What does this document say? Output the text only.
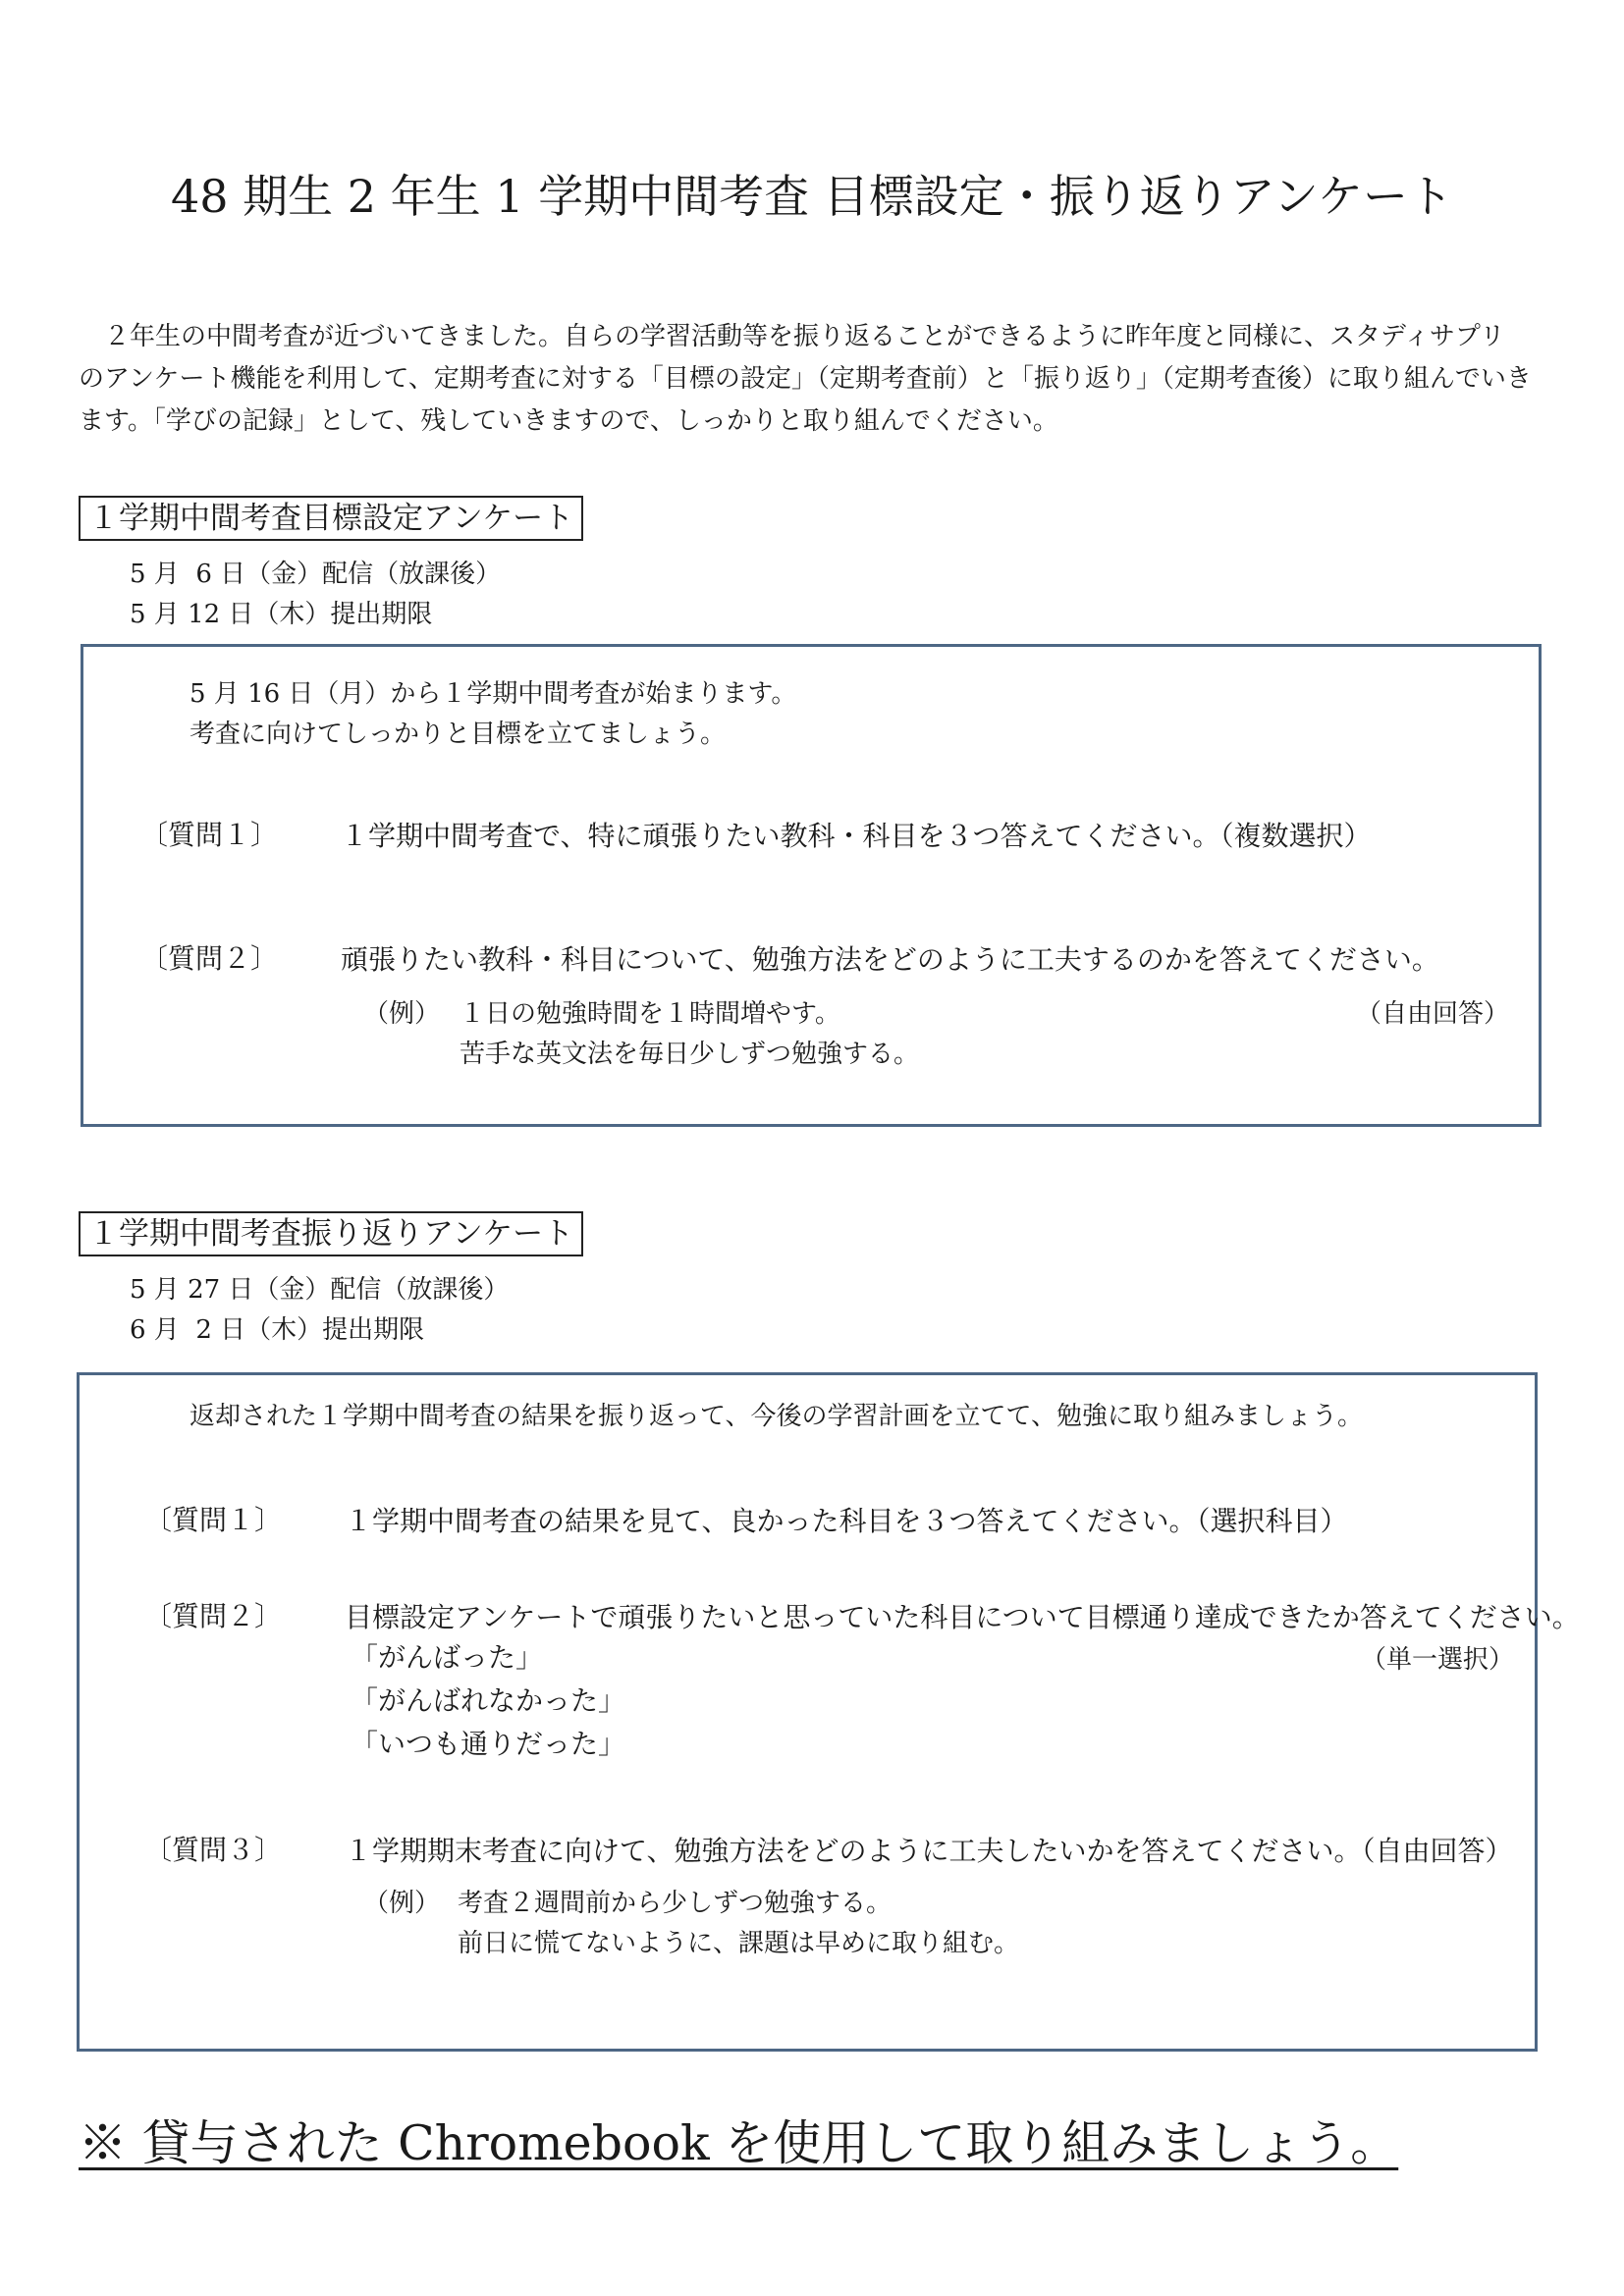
48 期生 2 年生 1 学期中間考査 目標設定・振り返りアンケート

２年生の中間考査が近づいてきました。自らの学習活動等を振り返ることができるように昨年度と同様に、スタディサプリ

のアンケート機能を利用して、定期考査に対する「目標の設定」（定期考査前）と「振り返り」（定期考査後）に取り組んでいき

ます。「学びの記録」として、残していきますので、しっかりと取り組んでください。

１学期中間考査目標設定アンケート
5 月  6 日（金）配信（放課後）
5 月 12 日（木）提出期限
5 月 16 日（月）から１学期中間考査が始まります。
考査に向けてしっかりと目標を立てましょう。
〔質問１〕 １学期中間考査で、特に頑張りたい教科・科目を３つ答えてください。（複数選択）
〔質問２〕 頑張りたい教科・科目について、勉強方法をどのように工夫するのかを答えてください。
（例） １日の勉強時間を１時間増やす。
苦手な英文法を毎日少しずつ勉強する。
（自由回答）
１学期中間考査振り返りアンケート
5 月 27 日（金）配信（放課後）
6 月  2 日（木）提出期限
返却された１学期中間考査の結果を振り返って、今後の学習計画を立てて、勉強に取り組みましょう。
〔質問１〕 １学期中間考査の結果を見て、良かった科目を３つ答えてください。（選択科目）
〔質問２〕 目標設定アンケートで頑張りたいと思っていた科目について目標通り達成できたか答えてください。
「がんばった」
「がんばれなかった」
「いつも通りだった」
（単一選択）
〔質問３〕 １学期期末考査に向けて、勉強方法をどのように工夫したいかを答えてください。（自由回答）
（例） 考査２週間前から少しずつ勉強する。
前日に慌てないように、課題は早めに取り組む。
※ 貸与された Chromebook を使用して取り組みましょう。
